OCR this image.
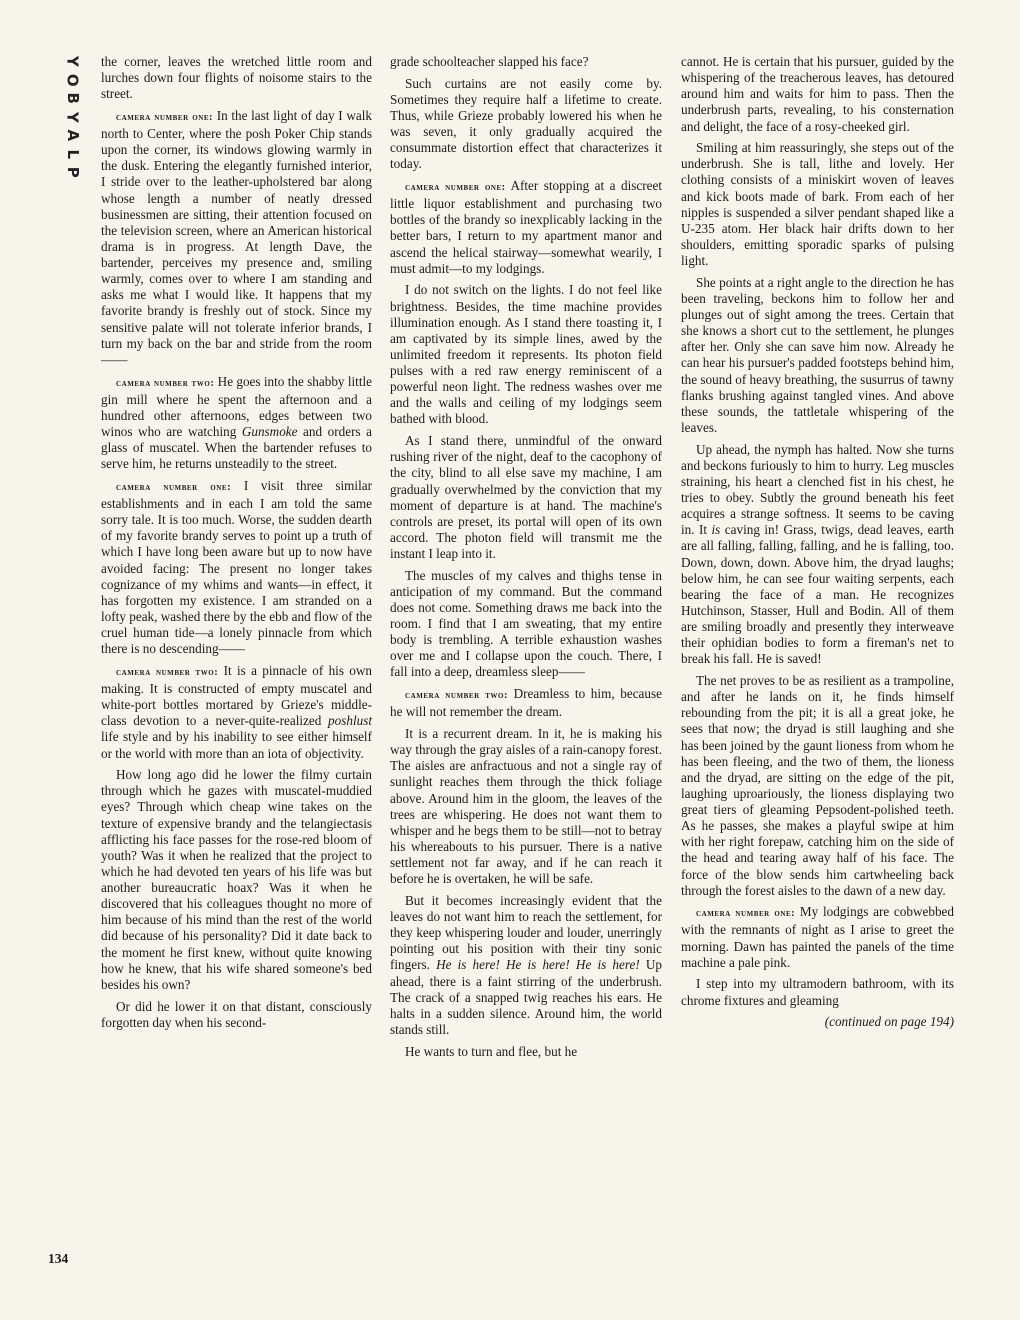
Y
O
B
Y
A
L
P

the corner, leaves the wretched little room and lurches down four flights of noisome stairs to the street.

camera number one: In the last light of day I walk north to Center, where the posh Poker Chip stands upon the corner, its windows glowing warmly in the dusk. Entering the elegantly furnished interior, I stride over to the leather-upholstered bar along whose length a number of neatly dressed businessmen are sitting, their attention focused on the television screen, where an American historical drama is in progress. At length Dave, the bartender, perceives my presence and, smiling warmly, comes over to where I am standing and asks me what I would like. It happens that my favorite brandy is freshly out of stock. Since my sensitive palate will not tolerate inferior brands, I turn my back on the bar and stride from the room——

camera number two: He goes into the shabby little gin mill where he spent the afternoon and a hundred other afternoons, edges between two winos who are watching Gunsmoke and orders a glass of muscatel. When the bartender refuses to serve him, he returns unsteadily to the street.

camera number one: I visit three similar establishments and in each I am told the same sorry tale. It is too much. Worse, the sudden dearth of my favorite brandy serves to point up a truth of which I have long been aware but up to now have avoided facing: The present no longer takes cognizance of my whims and wants—in effect, it has forgotten my existence. I am stranded on a lofty peak, washed there by the ebb and flow of the cruel human tide—a lonely pinnacle from which there is no descending——

camera number two: It is a pinnacle of his own making. It is constructed of empty muscatel and white-port bottles mortared by Grieze's middle-class devotion to a never-quite-realized poshlust life style and by his inability to see either himself or the world with more than an iota of objectivity.

How long ago did he lower the filmy curtain through which he gazes with muscatel-muddied eyes? Through which cheap wine takes on the texture of expensive brandy and the telangiectasis afflicting his face passes for the rose-red bloom of youth? Was it when he realized that the project to which he had devoted ten years of his life was but another bureaucratic hoax? Was it when he discovered that his colleagues thought no more of him because of his mind than the rest of the world did because of his personality? Did it date back to the moment he first knew, without quite knowing how he knew, that his wife shared someone's bed besides his own?

Or did he lower it on that distant, consciously forgotten day when his second-

grade schoolteacher slapped his face?

Such curtains are not easily come by. Sometimes they require half a lifetime to create. Thus, while Grieze probably lowered his when he was seven, it only gradually acquired the consummate distortion effect that characterizes it today.

camera number one: After stopping at a discreet little liquor establishment and purchasing two bottles of the brandy so inexplicably lacking in the better bars, I return to my apartment manor and ascend the helical stairway—somewhat wearily, I must admit—to my lodgings.

I do not switch on the lights. I do not feel like brightness. Besides, the time machine provides illumination enough. As I stand there toasting it, I am captivated by its simple lines, awed by the unlimited freedom it represents. Its photon field pulses with a red raw energy reminiscent of a powerful neon light. The redness washes over me and the walls and ceiling of my lodgings seem bathed with blood.

As I stand there, unmindful of the onward rushing river of the night, deaf to the cacophony of the city, blind to all else save my machine, I am gradually overwhelmed by the conviction that my moment of departure is at hand. The machine's controls are preset, its portal will open of its own accord. The photon field will transmit me the instant I leap into it.

The muscles of my calves and thighs tense in anticipation of my command. But the command does not come. Something draws me back into the room. I find that I am sweating, that my entire body is trembling. A terrible exhaustion washes over me and I collapse upon the couch. There, I fall into a deep, dreamless sleep——

camera number two: Dreamless to him, because he will not remember the dream.

It is a recurrent dream. In it, he is making his way through the gray aisles of a rain-canopy forest. The aisles are anfractuous and not a single ray of sunlight reaches them through the thick foliage above. Around him in the gloom, the leaves of the trees are whispering. He does not want them to whisper and he begs them to be still—not to betray his whereabouts to his pursuer. There is a native settlement not far away, and if he can reach it before he is overtaken, he will be safe.

But it becomes increasingly evident that the leaves do not want him to reach the settlement, for they keep whispering louder and louder, unerringly pointing out his position with their tiny sonic fingers. He is here! He is here! He is here! Up ahead, there is a faint stirring of the underbrush. The crack of a snapped twig reaches his ears. He halts in a sudden silence. Around him, the world stands still.

He wants to turn and flee, but he

cannot. He is certain that his pursuer, guided by the whispering of the treacherous leaves, has detoured around him and waits for him to pass. Then the underbrush parts, revealing, to his consternation and delight, the face of a rosy-cheeked girl.

Smiling at him reassuringly, she steps out of the underbrush. She is tall, lithe and lovely. Her clothing consists of a miniskirt woven of leaves and kick boots made of bark. From each of her nipples is suspended a silver pendant shaped like a U-235 atom. Her black hair drifts down to her shoulders, emitting sporadic sparks of pulsing light.

She points at a right angle to the direction he has been traveling, beckons him to follow her and plunges out of sight among the trees. Certain that she knows a short cut to the settlement, he plunges after her. Only she can save him now. Already he can hear his pursuer's padded footsteps behind him, the sound of heavy breathing, the susurrus of tawny flanks brushing against tangled vines. And above these sounds, the tattletale whispering of the leaves.

Up ahead, the nymph has halted. Now she turns and beckons furiously to him to hurry. Leg muscles straining, his heart a clenched fist in his chest, he tries to obey. Subtly the ground beneath his feet acquires a strange softness. It seems to be caving in. It is caving in! Grass, twigs, dead leaves, earth are all falling, falling, falling, and he is falling, too. Down, down, down. Above him, the dryad laughs; below him, he can see four waiting serpents, each bearing the face of a man. He recognizes Hutchinson, Stasser, Hull and Bodin. All of them are smiling broadly and presently they interweave their ophidian bodies to form a fireman's net to break his fall. He is saved!

The net proves to be as resilient as a trampoline, and after he lands on it, he finds himself rebounding from the pit; it is all a great joke, he sees that now; the dryad is still laughing and she has been joined by the gaunt lioness from whom he has been fleeing, and the two of them, the lioness and the dryad, are sitting on the edge of the pit, laughing uproariously, the lioness displaying two great tiers of gleaming Pepsodent-polished teeth. As he passes, she makes a playful swipe at him with her right forepaw, catching him on the side of the head and tearing away half of his face. The force of the blow sends him cartwheeling back through the forest aisles to the dawn of a new day.

camera number one: My lodgings are cobwebbed with the remnants of night as I arise to greet the morning. Dawn has painted the panels of the time machine a pale pink.

I step into my ultramodern bathroom, with its chrome fixtures and gleaming

(continued on page 194)

134
